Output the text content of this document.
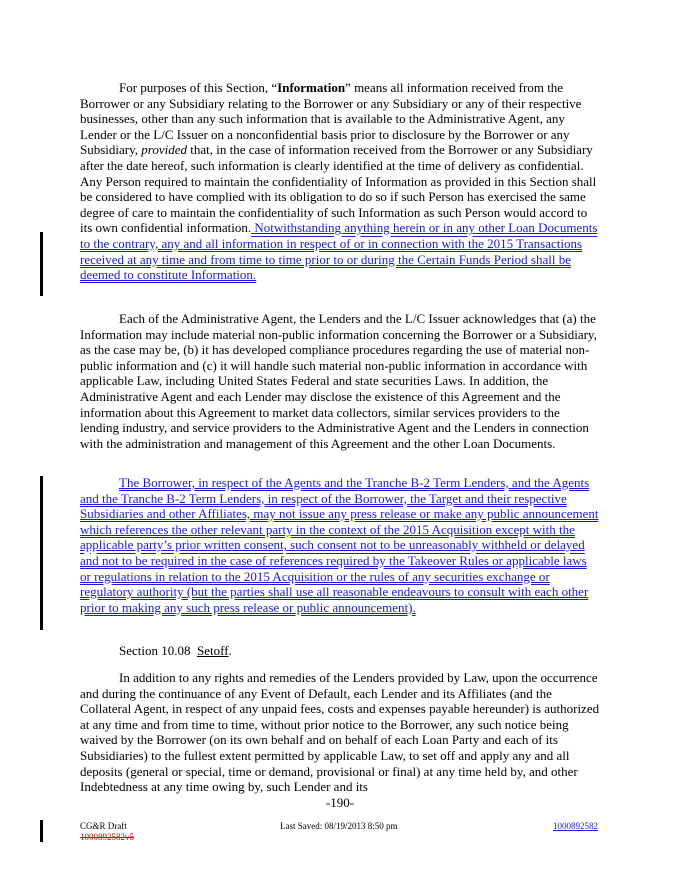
For purposes of this Section, “Information” means all information received from the Borrower or any Subsidiary relating to the Borrower or any Subsidiary or any of their respective businesses, other than any such information that is available to the Administrative Agent, any Lender or the L/C Issuer on a nonconfidential basis prior to disclosure by the Borrower or any Subsidiary, provided that, in the case of information received from the Borrower or any Subsidiary after the date hereof, such information is clearly identified at the time of delivery as confidential. Any Person required to maintain the confidentiality of Information as provided in this Section shall be considered to have complied with its obligation to do so if such Person has exercised the same degree of care to maintain the confidentiality of such Information as such Person would accord to its own confidential information. Notwithstanding anything herein or in any other Loan Documents to the contrary, any and all information in respect of or in connection with the 2015 Transactions received at any time and from time to time prior to or during the Certain Funds Period shall be deemed to constitute Information.

Each of the Administrative Agent, the Lenders and the L/C Issuer acknowledges that (a) the Information may include material non-public information concerning the Borrower or a Subsidiary, as the case may be, (b) it has developed compliance procedures regarding the use of material non-public information and (c) it will handle such material non-public information in accordance with applicable Law, including United States Federal and state securities Laws. In addition, the Administrative Agent and each Lender may disclose the existence of this Agreement and the information about this Agreement to market data collectors, similar services providers to the lending industry, and service providers to the Administrative Agent and the Lenders in connection with the administration and management of this Agreement and the other Loan Documents.

The Borrower, in respect of the Agents and the Tranche B-2 Term Lenders, and the Agents and the Tranche B-2 Term Lenders, in respect of the Borrower, the Target and their respective Subsidiaries and other Affiliates, may not issue any press release or make any public announcement which references the other relevant party in the context of the 2015 Acquisition except with the applicable party’s prior written consent, such consent not to be unreasonably withheld or delayed and not to be required in the case of references required by the Takeover Rules or applicable laws or regulations in relation to the 2015 Acquisition or the rules of any securities exchange or regulatory authority (but the parties shall use all reasonable endeavours to consult with each other prior to making any such press release or public announcement).

Section 10.08 Setoff.

In addition to any rights and remedies of the Lenders provided by Law, upon the occurrence and during the continuance of any Event of Default, each Lender and its Affiliates (and the Collateral Agent, in respect of any unpaid fees, costs and expenses payable hereunder) is authorized at any time and from time to time, without prior notice to the Borrower, any such notice being waived by the Borrower (on its own behalf and on behalf of each Loan Party and each of its Subsidiaries) to the fullest extent permitted by applicable Law, to set off and apply any and all deposits (general or special, time or demand, provisional or final) at any time held by, and other Indebtedness at any time owing by, such Lender and its

-190-
CG&R Draft
1000892582v5
Last Saved: 08/19/2013 8:50 pm	1000892582
